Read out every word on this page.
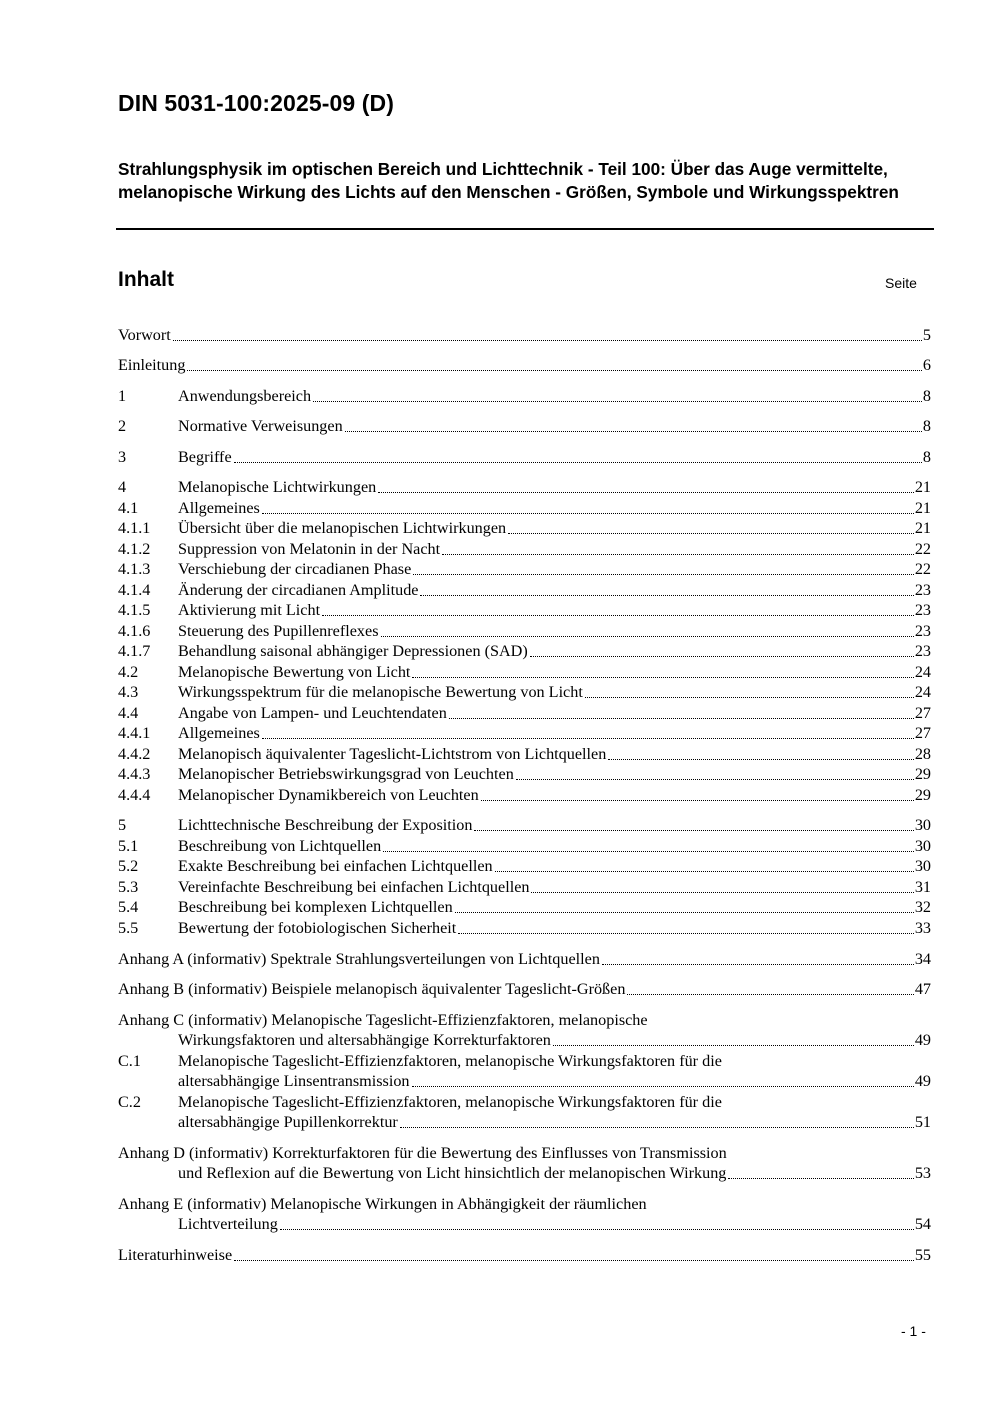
DIN 5031-100:2025-09 (D)

Strahlungsphysik im optischen Bereich und Lichttechnik - Teil 100: Über das Auge vermittelte, melanopische Wirkung des Lichts auf den Menschen - Größen, Symbole und Wirkungsspektren

Inhalt	Seite
Vorwort	5
Einleitung	6
1	Anwendungsbereich	8
2	Normative Verweisungen	8
3	Begriffe	8
4	Melanopische Lichtwirkungen	21
4.1	Allgemeines	21
4.1.1	Übersicht über die melanopischen Lichtwirkungen	21
4.1.2	Suppression von Melatonin in der Nacht	22
4.1.3	Verschiebung der circadianen Phase	22
4.1.4	Änderung der circadianen Amplitude	23
4.1.5	Aktivierung mit Licht	23
4.1.6	Steuerung des Pupillenreflexes	23
4.1.7	Behandlung saisonal abhängiger Depressionen (SAD)	23
4.2	Melanopische Bewertung von Licht	24
4.3	Wirkungsspektrum für die melanopische Bewertung von Licht	24
4.4	Angabe von Lampen- und Leuchtendaten	27
4.4.1	Allgemeines	27
4.4.2	Melanopisch äquivalenter Tageslicht-Lichtstrom von Lichtquellen	28
4.4.3	Melanopischer Betriebswirkungsgrad von Leuchten	29
4.4.4	Melanopischer Dynamikbereich von Leuchten	29
5	Lichttechnische Beschreibung der Exposition	30
5.1	Beschreibung von Lichtquellen	30
5.2	Exakte Beschreibung bei einfachen Lichtquellen	30
5.3	Vereinfachte Beschreibung bei einfachen Lichtquellen	31
5.4	Beschreibung bei komplexen Lichtquellen	32
5.5	Bewertung der fotobiologischen Sicherheit	33
Anhang A (informativ) Spektrale Strahlungsverteilungen von Lichtquellen	34
Anhang B (informativ) Beispiele melanopisch äquivalenter Tageslicht-Größen	47
Anhang C (informativ) Melanopische Tageslicht-Effizienzfaktoren, melanopische
Wirkungsfaktoren und altersabhängige Korrekturfaktoren	49
C.1 Melanopische Tageslicht-Effizienzfaktoren, melanopische Wirkungsfaktoren für die
altersabhängige Linsentransmission	49
C.2 Melanopische Tageslicht-Effizienzfaktoren, melanopische Wirkungsfaktoren für die
altersabhängige Pupillenkorrektur	51
Anhang D (informativ) Korrekturfaktoren für die Bewertung des Einflusses von Transmission
und Reflexion auf die Bewertung von Licht hinsichtlich der melanopischen Wirkung	53
Anhang E (informativ) Melanopische Wirkungen in Abhängigkeit der räumlichen
Lichtverteilung	54
Literaturhinweise	55
- 1 -
